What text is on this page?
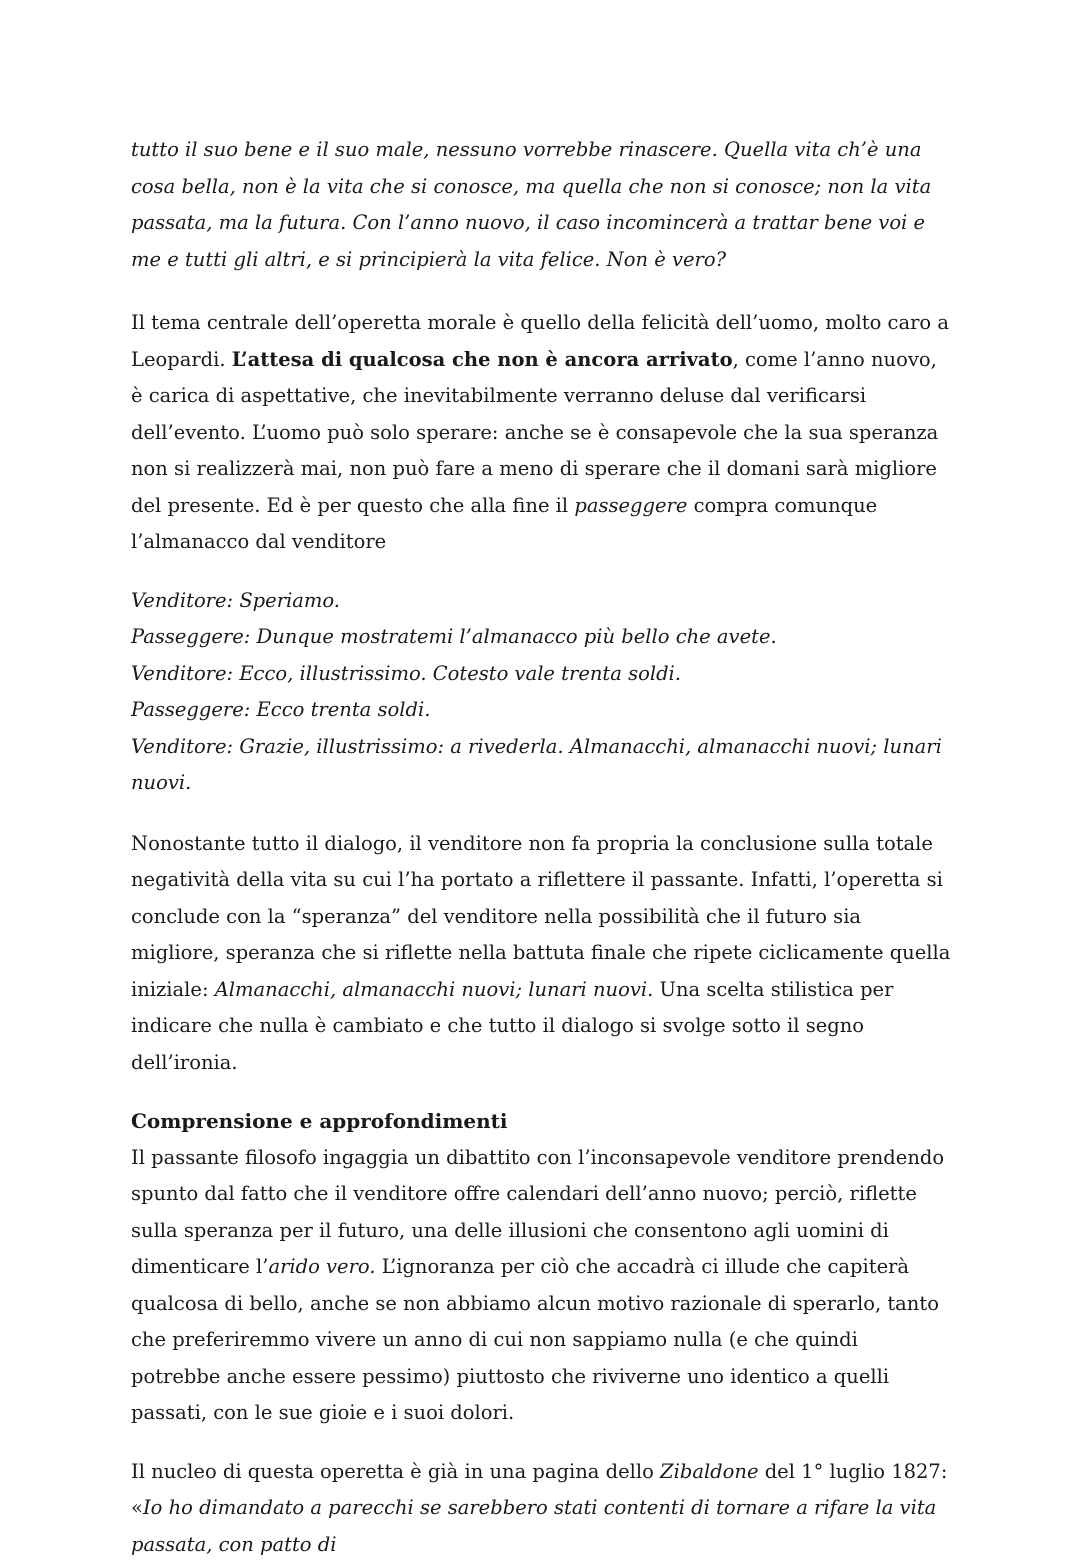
tutto il suo bene e il suo male, nessuno vorrebbe rinascere. Quella vita ch’è una cosa bella, non è la vita che si conosce, ma quella che non si conosce; non la vita passata, ma la futura. Con l’anno nuovo, il caso incomincerà a trattar bene voi e me e tutti gli altri, e si principierà la vita felice. Non è vero?

Il tema centrale dell’operetta morale è quello della felicità dell’uomo, molto caro a Leopardi. L’attesa di qualcosa che non è ancora arrivato, come l’anno nuovo, è carica di aspettative, che inevitabilmente verranno deluse dal verificarsi dell’evento. L’uomo può solo sperare: anche se è consapevole che la sua speranza non si realizzerà mai, non può fare a meno di sperare che il domani sarà migliore del presente. Ed è per questo che alla fine il passeggere compra comunque l’almanacco dal venditore

Venditore: Speriamo.
Passeggere: Dunque mostratemi l’almanacco più bello che avete.
Venditore: Ecco, illustrissimo. Cotesto vale trenta soldi.
Passeggere: Ecco trenta soldi.
Venditore: Grazie, illustrissimo: a rivederla. Almanacchi, almanacchi nuovi; lunari nuovi.

Nonostante tutto il dialogo, il venditore non fa propria la conclusione sulla totale negatività della vita su cui l’ha portato a riflettere il passante. Infatti, l’operetta si conclude con la “speranza” del venditore nella possibilità che il futuro sia migliore, speranza che si riflette nella battuta finale che ripete ciclicamente quella iniziale: Almanacchi, almanacchi nuovi; lunari nuovi. Una scelta stilistica per indicare che nulla è cambiato e che tutto il dialogo si svolge sotto il segno dell’ironia.

Comprensione e approfondimenti

Il passante filosofo ingaggia un dibattito con l’inconsapevole venditore prendendo spunto dal fatto che il venditore offre calendari dell’anno nuovo; perciò, riflette sulla speranza per il futuro, una delle illusioni che consentono agli uomini di dimenticare l’arido vero. L’ignoranza per ciò che accadrà ci illude che capiterà qualcosa di bello, anche se non abbiamo alcun motivo razionale di sperarlo, tanto che preferiremmo vivere un anno di cui non sappiamo nulla (e che quindi potrebbe anche essere pessimo) piuttosto che riviverne uno identico a quelli passati, con le sue gioie e i suoi dolori.

Il nucleo di questa operetta è già in una pagina dello Zibaldone del 1° luglio 1827: «Io ho dimandato a parecchi se sarebbero stati contenti di tornare a rifare la vita passata, con patto di
